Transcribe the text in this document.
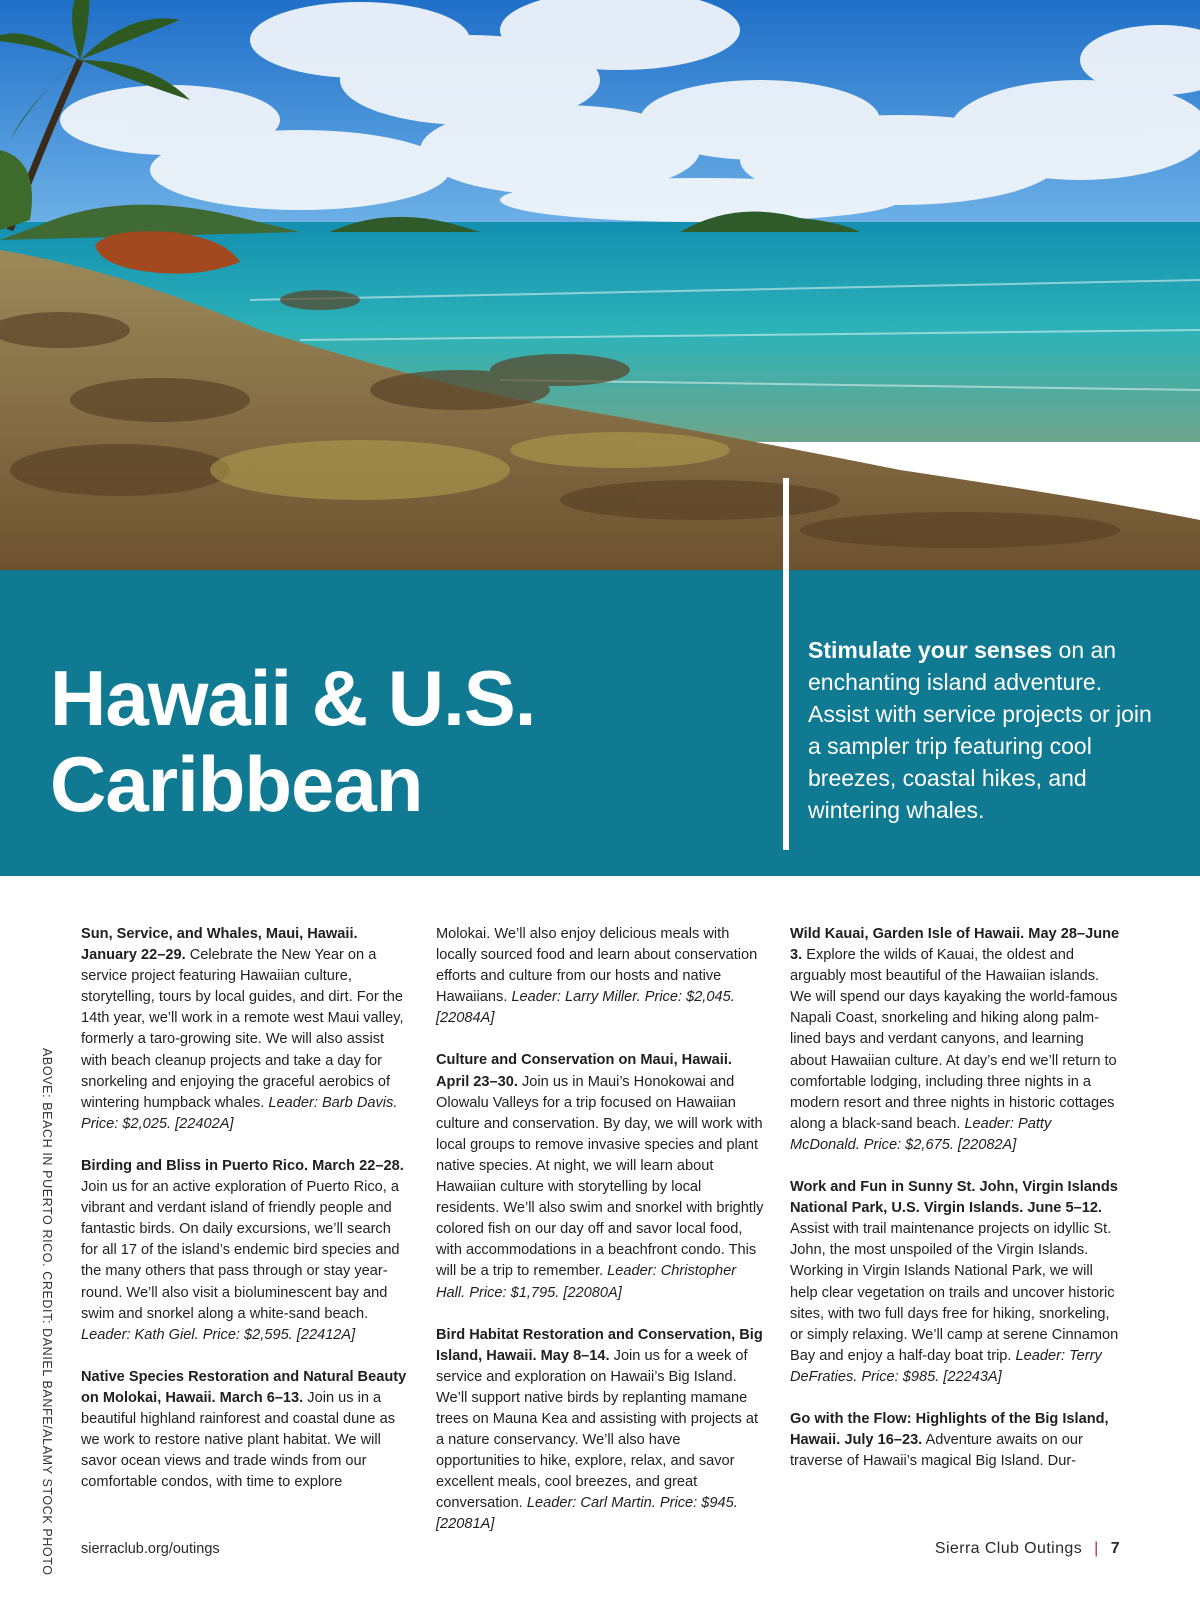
Hawaii & U.S. Caribbean
Stimulate your senses on an enchanting island adventure. Assist with service projects or join a sampler trip featuring cool breezes, coastal hikes, and wintering whales.
ABOVE: BEACH IN PUERTO RICO. CREDIT: DANIEL BANFE/ALAMY STOCK PHOTO

Sun, Service, and Whales, Maui, Hawaii. January 22–29. Celebrate the New Year on a service project featuring Hawaiian culture, storytelling, tours by local guides, and dirt. For the 14th year, we’ll work in a remote west Maui valley, formerly a taro-growing site. We will also assist with beach cleanup projects and take a day for snorkeling and enjoying the graceful aerobics of wintering humpback whales. Leader: Barb Davis. Price: $2,025. [22402A]

Birding and Bliss in Puerto Rico. March 22–28. Join us for an active exploration of Puerto Rico, a vibrant and verdant island of friendly people and fantastic birds. On daily excursions, we’ll search for all 17 of the island’s endemic bird species and the many others that pass through or stay year-round. We’ll also visit a bioluminescent bay and swim and snorkel along a white-sand beach. Leader: Kath Giel. Price: $2,595. [22412A]

Native Species Restoration and Natural Beauty on Molokai, Hawaii. March 6–13. Join us in a beautiful highland rainforest and coastal dune as we work to restore native plant habitat. We will savor ocean views and trade winds from our comfortable condos, with time to explore

Molokai. We’ll also enjoy delicious meals with locally sourced food and learn about conservation efforts and culture from our hosts and native Hawaiians. Leader: Larry Miller. Price: $2,045. [22084A]

Culture and Conservation on Maui, Hawaii. April 23–30. Join us in Maui’s Honokowai and Olowalu Valleys for a trip focused on Hawaiian culture and conservation. By day, we will work with local groups to remove invasive species and plant native species. At night, we will learn about Hawaiian culture with storytelling by local residents. We’ll also swim and snorkel with brightly colored fish on our day off and savor local food, with accommodations in a beachfront condo. This will be a trip to remember. Leader: Christopher Hall. Price: $1,795. [22080A]

Bird Habitat Restoration and Conservation, Big Island, Hawaii. May 8–14. Join us for a week of service and exploration on Hawaii’s Big Island. We’ll support native birds by replanting mamane trees on Mauna Kea and assisting with projects at a nature conservancy. We’ll also have opportunities to hike, explore, relax, and savor excellent meals, cool breezes, and great conversation. Leader: Carl Martin. Price: $945. [22081A]

Wild Kauai, Garden Isle of Hawaii. May 28–June 3. Explore the wilds of Kauai, the oldest and arguably most beautiful of the Hawaiian islands. We will spend our days kayaking the world-famous Napali Coast, snorkeling and hiking along palm-lined bays and verdant canyons, and learning about Hawaiian culture. At day’s end we’ll return to comfortable lodging, including three nights in a modern resort and three nights in historic cottages along a black-sand beach. Leader: Patty McDonald. Price: $2,675. [22082A]

Work and Fun in Sunny St. John, Virgin Islands National Park, U.S. Virgin Islands. June 5–12. Assist with trail maintenance projects on idyllic St. John, the most unspoiled of the Virgin Islands. Working in Virgin Islands National Park, we will help clear vegetation on trails and uncover historic sites, with two full days free for hiking, snorkeling, or simply relaxing. We’ll camp at serene Cinnamon Bay and enjoy a half-day boat trip. Leader: Terry DeFraties. Price: $985. [22243A]

Go with the Flow: Highlights of the Big Island, Hawaii. July 16–23. Adventure awaits on our traverse of Hawaii’s magical Big Island. Dur-

sierraclub.org/outings	Sierra Club Outings | 7
